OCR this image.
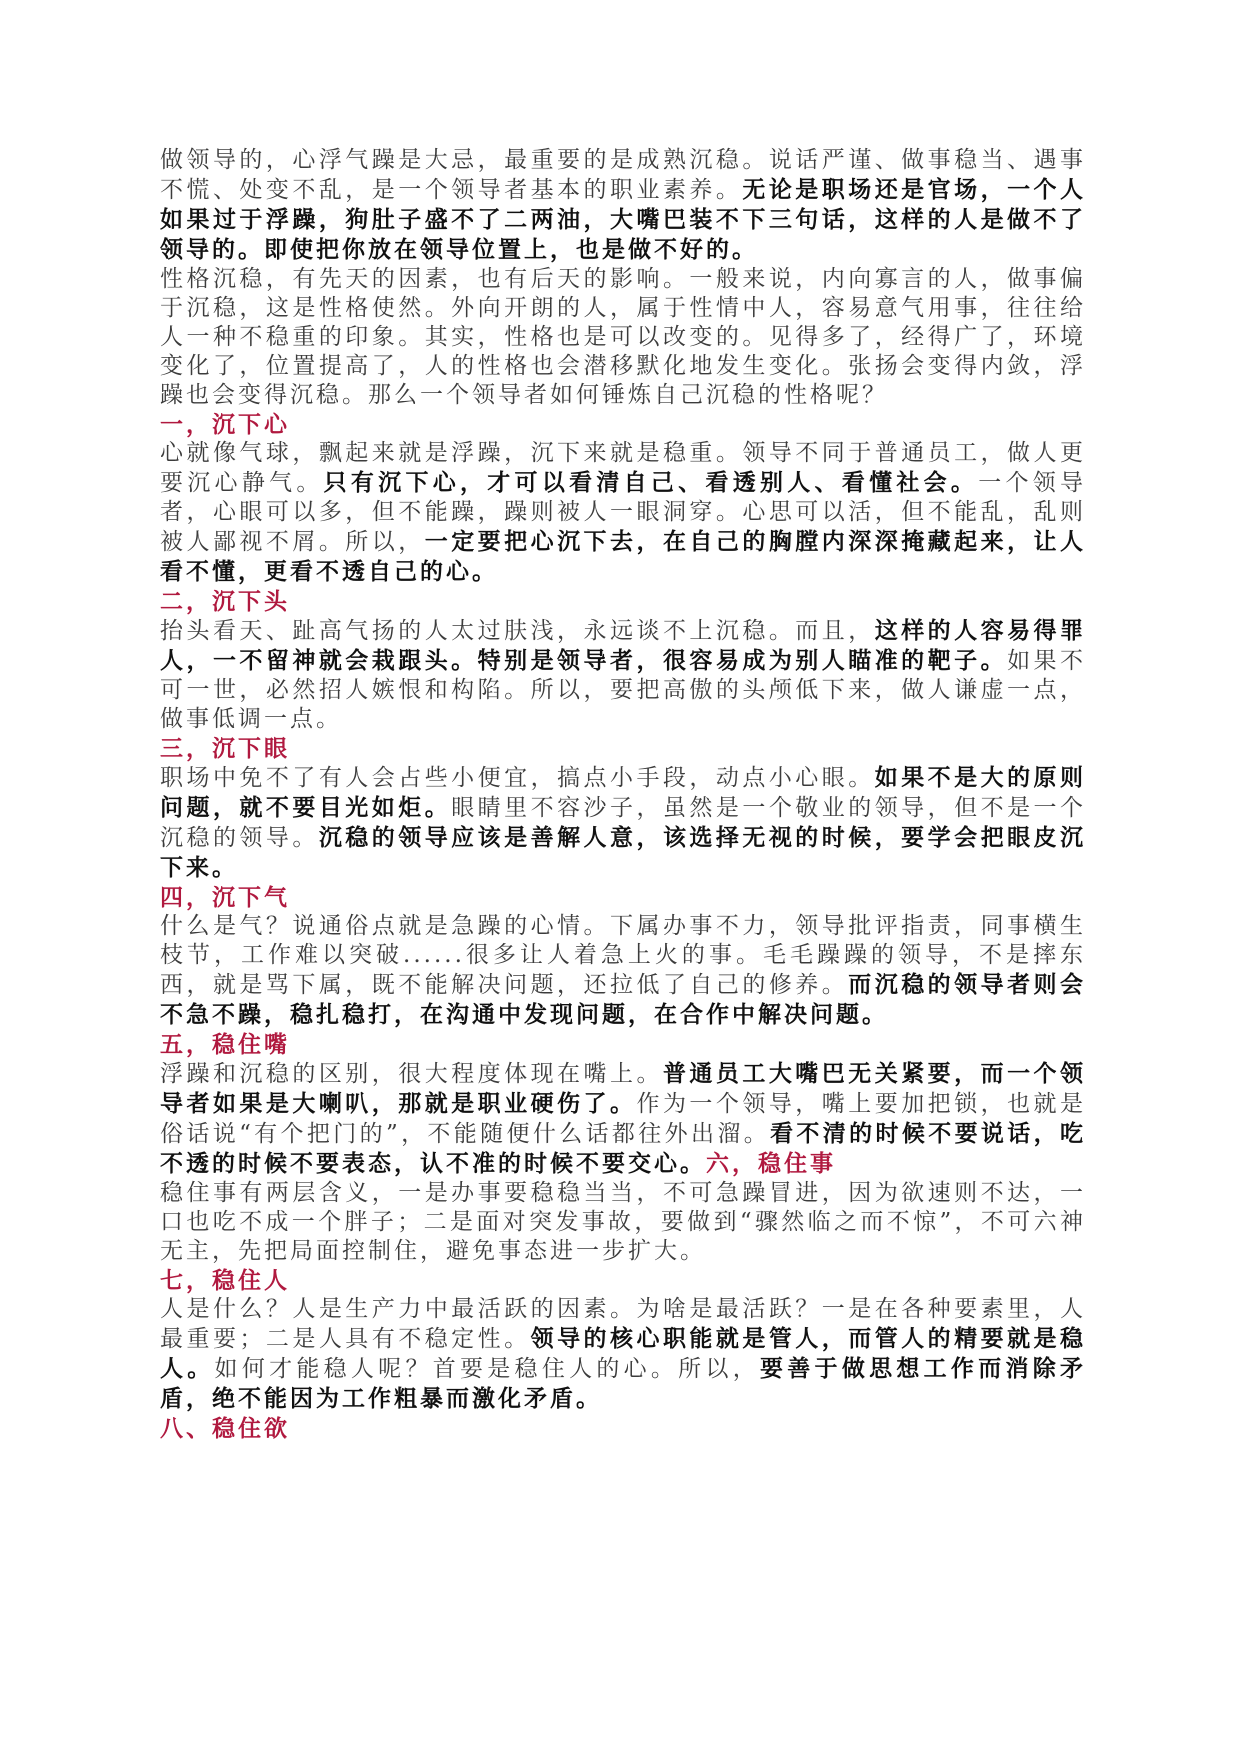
做领导的，心浮气躁是大忌，最重要的是成熟沉稳。说话严谨、做事稳当、遇事不慌、处变不乱，是一个领导者基本的职业素养。无论是职场还是官场，一个人如果过于浮躁，狗肚子盛不了二两油，大嘴巴装不下三句话，这样的人是做不了领导的。即使把你放在领导位置上，也是做不好的。

性格沉稳，有先天的因素，也有后天的影响。一般来说，内向寡言的人，做事偏于沉稳，这是性格使然。外向开朗的人，属于性情中人，容易意气用事，往往给人一种不稳重的印象。其实，性格也是可以改变的。见得多了，经得广了，环境变化了，位置提高了，人的性格也会潜移默化地发生变化。张扬会变得内敛，浮躁也会变得沉稳。那么一个领导者如何锤炼自己沉稳的性格呢？

一，沉下心

心就像气球，飘起来就是浮躁，沉下来就是稳重。领导不同于普通员工，做人更要沉心静气。只有沉下心，才可以看清自己、看透别人、看懂社会。一个领导者，心眼可以多，但不能躁，躁则被人一眼洞穿。心思可以活，但不能乱，乱则被人鄙视不屑。所以，一定要把心沉下去，在自己的胸膛内深深掩藏起来，让人看不懂，更看不透自己的心。

二，沉下头

抬头看天、趾高气扬的人太过肤浅，永远谈不上沉稳。而且，这样的人容易得罪人，一不留神就会栽跟头。特别是领导者，很容易成为别人瞄准的靶子。如果不可一世，必然招人嫉恨和构陷。所以，要把高傲的头颅低下来，做人谦虚一点，做事低调一点。

三，沉下眼

职场中免不了有人会占些小便宜，搞点小手段，动点小心眼。如果不是大的原则问题，就不要目光如炬。眼睛里不容沙子，虽然是一个敬业的领导，但不是一个沉稳的领导。沉稳的领导应该是善解人意，该选择无视的时候，要学会把眼皮沉下来。

四，沉下气

什么是气？说通俗点就是急躁的心情。下属办事不力，领导批评指责，同事横生枝节，工作难以突破......很多让人着急上火的事。毛毛躁躁的领导，不是摔东西，就是骂下属，既不能解决问题，还拉低了自己的修养。而沉稳的领导者则会不急不躁，稳扎稳打，在沟通中发现问题，在合作中解决问题。

五，稳住嘴

浮躁和沉稳的区别，很大程度体现在嘴上。普通员工大嘴巴无关紧要，而一个领导者如果是大喇叭，那就是职业硬伤了。作为一个领导，嘴上要加把锁，也就是俗话说“有个把门的”，不能随便什么话都往外出溜。看不清的时候不要说话，吃不透的时候不要表态，认不准的时候不要交心。六，稳住事

稳住事有两层含义，一是办事要稳稳当当，不可急躁冒进，因为欲速则不达，一口也吃不成一个胖子；二是面对突发事故，要做到“骤然临之而不惊”，不可六神无主，先把局面控制住，避免事态进一步扩大。

七，稳住人

人是什么？人是生产力中最活跃的因素。为啥是最活跃？一是在各种要素里，人最重要；二是人具有不稳定性。领导的核心职能就是管人，而管人的精要就是稳人。如何才能稳人呢？首要是稳住人的心。所以，要善于做思想工作而消除矛盾，绝不能因为工作粗暴而激化矛盾。

八、稳住欲
